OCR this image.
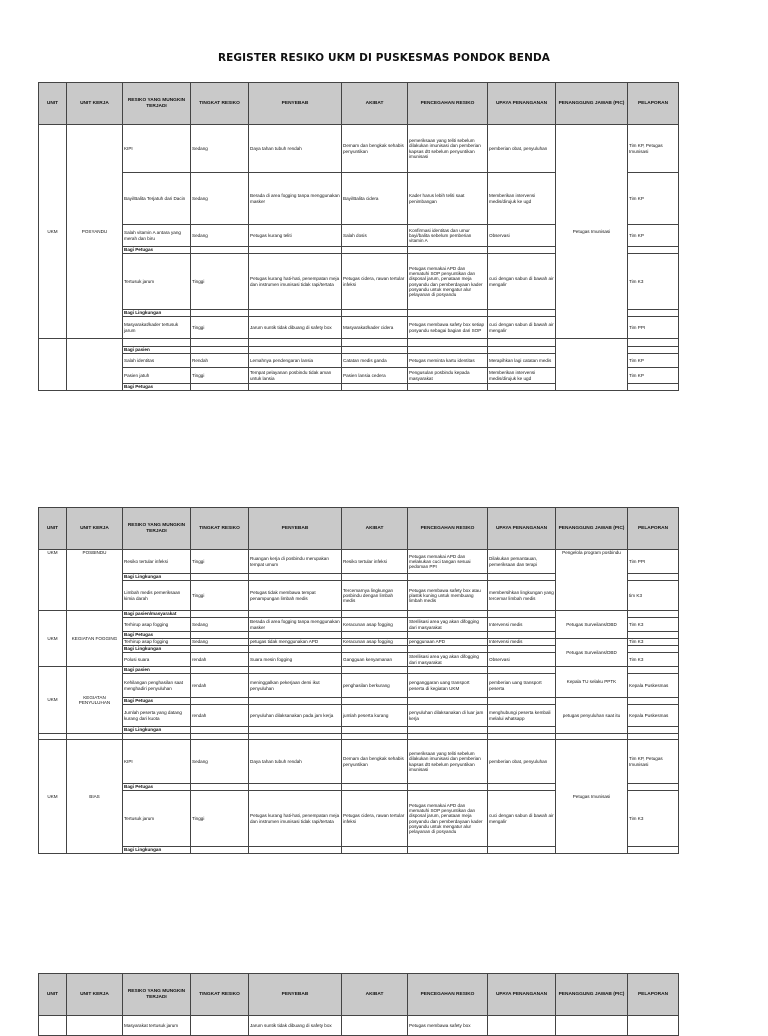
REGISTER RESIKO UKM DI PUSKESMAS PONDOK BENDA
UNIT	UNIT KERJA	RESIKO YANG MUNGKIN TERJADI	TINGKAT RESIKO	PENYEBAB	AKIBAT	PENCEGAHAN RESIKO	UPAYA PENANGANAN	PENANGGUNG JAWAB (PIC)	PELAPORAN
UKM	POSYANDU	KIPI	Sedang	Daya tahan tubuh rendah	Demam dan bengkak sehabis penyuntikan	pemeriksaan yang teliti sebelum dilakukan imunisasi dan pemberian kapsas dtt sebelum penyuntikan imunisasi	pemberian obat, penyuluhan	Petugas Imunisasi	Tim KP, Petugas Imunisasi
		Bayi/Balita Terjatuh dari Dacin	Sedang	Berada di area fogging tanpa menggunakan masker	Bayi/Balita cidera	Kader harus lebih teliti saat penimbangan	Memberikan intervensi medis/dirujuk ke ugd		Tim KP
		Salah vitamin A antara yang merah dan biru	Sedang	Petugas kurang teliti	Salah dosis	Konfirmasi identitas dan umur bayi/balita sebelum pemberian vitamin A	Observasi		Tim KP
		Bagi Petugas							
		Tertusuk jarum	Tinggi	Petugas kurang hati-hati, penempatan meja dan instrumen imunisasi tidak rapi/tertata	Petugas cidera, rawan tertular infeksi	Petugas memakai APD dan mematuhi SOP penyuntikan dan disposal jarum, penataan meja posyandu dan pemberdayaan kader posyandu untuk mengatur alur pelayanan di posyandu	cuci dengan sabun di bawah air mengalir		Tim K3
		Bagi Lingkungan							
		Masyarakat/kader tertusuk jarum	Tinggi	Jarum suntik tidak dibuang di safety box	Masyarakat/kader cidera	Petugas membawa safety box setiap posyandu sebagai bagian dari SOP	cuci dengan sabun di bawah air mengalir		Tim PPI

		Bagi pasien							
		Salah identitas	Rendah	Lemahnya pendengaran lansia	Catatan medis ganda	Petugas meminta kartu identitas	Merapihkan lagi catatan medis		Tim KP
		Pasien jatuh	Tinggi	Tempat pelayanan posbindu tidak aman untuk lansia	Pasien lansia cedera	Pengusulan posbindu kepada masyarakat	Memberikan intervensi medis/dirujuk ke ugd		Tim KP
		Bagi Petugas							
UNIT	UNIT KERJA	RESIKO YANG MUNGKIN TERJADI	TINGKAT RESIKO	PENYEBAB	AKIBAT	PENCEGAHAN RESIKO	UPAYA PENANGANAN	PENANGGUNG JAWAB (PIC)	PELAPORAN
UKM	POSBINDU	Resiko tertular infeksi	Tinggi	Ruangan kerja di posbindu merupakan tempat umum	Resiko tertular infeksi	Petugas memakai APD dan melakukan cuci tangan sesuai pedoman PPI	Dilakukan pemantauan, pemeriksaan dan terapi	Pengelola program posbindu	Tim PPI
		Bagi Lingkungan							
		Limbah medis pemeriksaan kimia darah	Tinggi	Petugas tidak membawa tempat penampungan limbah medis	Tercemarnya lingkungan posbindu dengan limbah medis	Petugas membawa safety box atau plastik kuning untuk membuang limbah medis	membersihkan lingkungan yang tercemar limbah medis		tim K3
UKM	KEGIATAN FOGGING	Bagi pasien/masyarakat						Petugas Surveilans/DBD	
		Terhirup asap fogging	Sedang	Berada di area fogging tanpa menggunakan masker	Keracunan asap fogging	Sterilisasi area yag akan difogging dari masyarakat	Intervensi medis		Tim K3
		Bagi Petugas							
		Terhirup asap fogging	Sedang	petugas tidak menggunakan APD	Keracunan asap fogging	penggunaan APD	Intervensi medis	Petugas Surveilans/DBD	Tim K3
		Bagi Lingkungan							
		Polusi suara	rendah	Suara mesin fogging	Gangguan kenyamanan	Sterilisasi area yag akan difogging dari masyarakat	Observasi		Tim K3
UKM	KEGIATAN PENYULUHAN	Bagi pasien						Kepala TU selaku PPTK	
		Kehilangan penghasilan saat menghadiri penyuluhan	rendah	meninggalkan pekerjaan demi ikut penyuluhan	penghasilan berkurang	penganggaran uang transport peserta di kegiatan UKM	pemberian uang transport peserta		Kepala Puskesmas
		Bagi Petugas						petugas penyuluhan saat itu	
		Jumlah peserta yang datang kurang dari kuota	rendah	penyuluhan dilaksanakan pada jam kerja	jumlah peserta kurang	penyuluhan dilaksanakan di luar jam kerja	menghubungi peserta kembali melalui whatsapp		Kepala Puskesmas
		Bagi Lingkungan							

UKM	BIAS	KIPI	Sedang	Daya tahan tubuh rendah	Demam dan bengkak sehabis penyuntikan	pemeriksaan yang teliti sebelum dilakukan imunisasi dan pemberian kapsas dtt sebelum penyuntikan imunisasi	pemberian obat, penyuluhan	Petugas Imunisasi	Tim KP, Petugas Imunisasi
		Bagi Petugas							
		Tertusuk jarum	Tinggi	Petugas kurang hati-hati, penempatan meja dan instrumen imunisasi tidak rapi/tertata	Petugas cidera, rawan tertular infeksi	Petugas memakai APD dan mematuhi SOP penyuntikan dan disposal jarum, penataan meja posyandu dan pemberdayaan kader posyandu untuk mengatur alur pelayanan di posyandu	cuci dengan sabun di bawah air mengalir		Tim K3
		Bagi Lingkungan							
UNIT	UNIT KERJA	RESIKO YANG MUNGKIN TERJADI	TINGKAT RESIKO	PENYEBAB	AKIBAT	PENCEGAHAN RESIKO	UPAYA PENANGANAN	PENANGGUNG JAWAB (PIC)	PELAPORAN
		Masyarakat tertusuk jarum		Jarum suntik tidak dibuang di safety box		Petugas membawa safety box			
